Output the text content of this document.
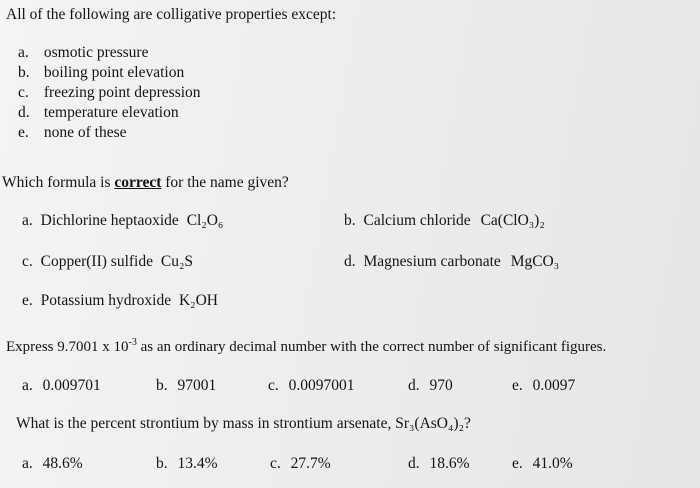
All of the following are colligative properties except:
a. osmotic pressure
b. boiling point elevation
c. freezing point depression
d. temperature elevation
e. none of these
Which formula is correct for the name given?
a. Dichlorine heptaoxide Cl₂O₆	b. Calcium chloride Ca(ClO₃)₂
c. Copper(II) sulfide Cu₂S	d. Magnesium carbonate MgCO₃
e. Potassium hydroxide K₂OH
Express 9.7001 x $10^{-3}$ as an ordinary decimal number with the correct number of significant figures.
a. 0.009701	b. 97001	c. 0.0097001	d. 970	e. 0.0097
What is the percent strontium by mass in strontium arsenate, Sr₃(AsO₄)₂?
a. 48.6%	b. 13.4%	c. 27.7%	d. 18.6%	e. 41.0%
